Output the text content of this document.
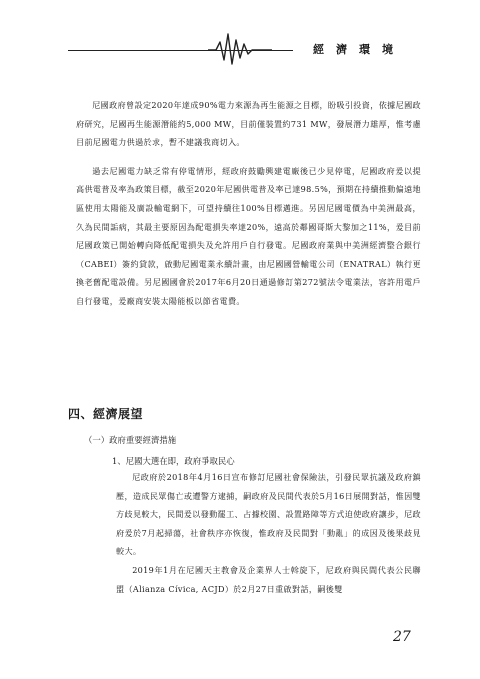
經濟環境

尼國政府曾設定2020年達成90%電力來源為再生能源之目標，盼吸引投資，依據尼國政府研究，尼國再生能源潛能約5,000 MW，目前僅裝置約731 MW，發展潛力雄厚，惟考慮目前尼國電力供過於求，暫不建議我商切入。

過去尼國電力缺乏常有停電情形，經政府鼓勵興建電廠後已少見停電，尼國政府爰以提高供電普及率為政策目標，截至2020年尼國供電普及率已達98.5%，預期在持續推動偏遠地區使用太陽能及廣設輸電網下，可望持續往100%目標邁進。另因尼國電價為中美洲最高，久為民間詬病，其最主要原因為配電損失率達20%，遠高於鄰國哥斯大黎加之11%，爰目前尼國政策已開始轉向降低配電損失及允許用戶自行發電。尼國政府業與中美洲經濟整合銀行（CABEI）簽約貸款，啟動尼國電業永續計畫，由尼國國營輸電公司（ENATRAL）執行更換老舊配電設備。另尼國國會於2017年6月20日通過修訂第272號法令電業法，容許用電戶自行發電，爰廠商安裝太陽能板以節省電費。

四、經濟展望
（一）政府重要經濟措施
1、尼國大選在即，政府爭取民心

尼政府於2018年4月16日宣布修訂尼國社會保險法，引發民眾抗議及政府鎮壓，造成民眾傷亡或遭警方逮捕，嗣政府及民間代表於5月16日展開對話，惟因雙方歧見較大，民間爰以發動罷工、占據校園、設置路障等方式迫使政府讓步，尼政府爰於7月起掃蕩，社會秩序亦恢復，惟政府及民間對「動亂」的成因及後果歧見較大。

2019年1月在尼國天主教會及企業界人士斡旋下，尼政府與民間代表公民聯盟（Alianza Cívica, ACJD）於2月27日重啟對話，嗣後雙

27
